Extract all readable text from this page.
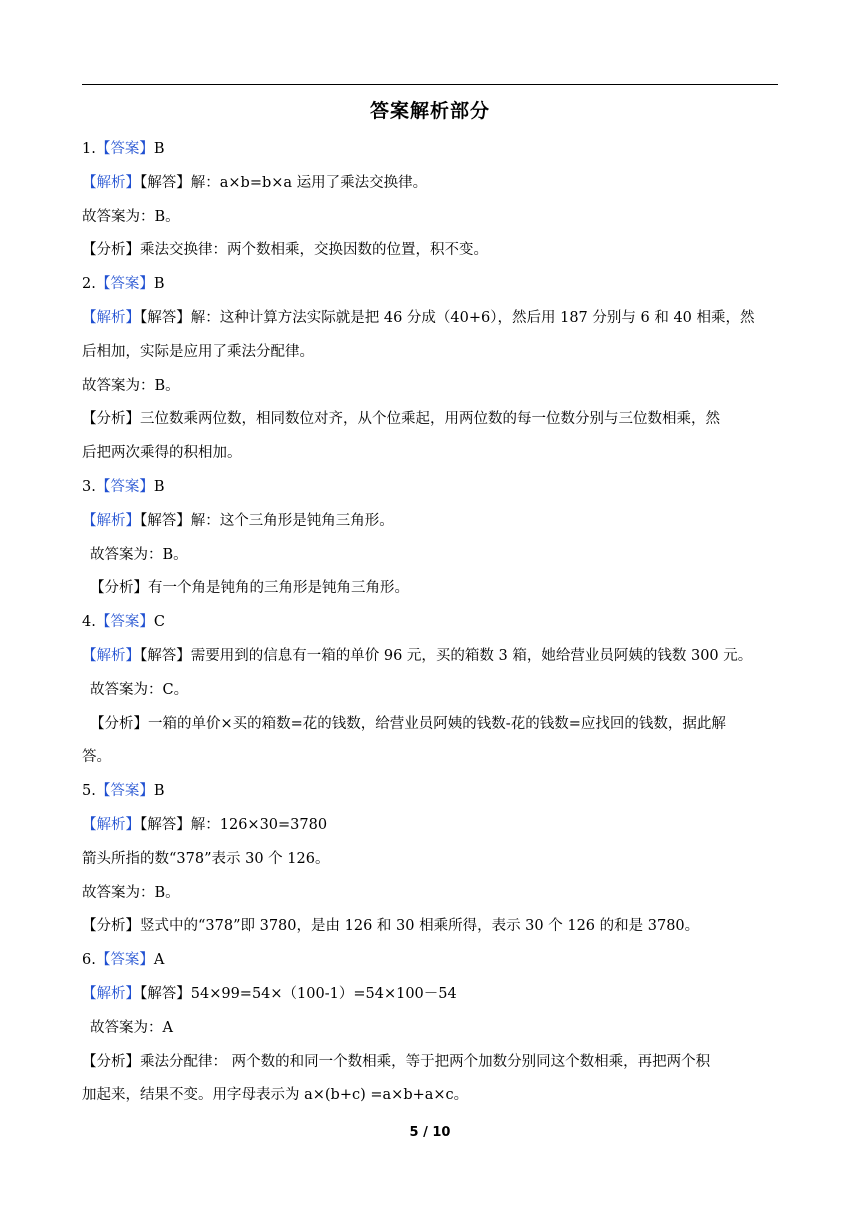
答案解析部分
1.【答案】B
【解析】【解答】解：a×b=b×a 运用了乘法交换律。
故答案为：B。
【分析】乘法交换律：两个数相乘，交换因数的位置，积不变。
2.【答案】B
【解析】【解答】解：这种计算方法实际就是把 46 分成（40+6），然后用 187 分别与 6 和 40 相乘，然
后相加，实际是应用了乘法分配律。
故答案为：B。
【分析】三位数乘两位数，相同数位对齐，从个位乘起，用两位数的每一位数分别与三位数相乘，然
后把两次乘得的积相加。
3.【答案】B
【解析】【解答】解：这个三角形是钝角三角形。
故答案为：B。
【分析】有一个角是钝角的三角形是钝角三角形。
4.【答案】C
【解析】【解答】需要用到的信息有一箱的单价 96 元，买的箱数 3 箱，她给营业员阿姨的钱数 300 元。
故答案为：C。
【分析】一箱的单价×买的箱数=花的钱数，给营业员阿姨的钱数-花的钱数=应找回的钱数，据此解
答。
5.【答案】B
【解析】【解答】解：126×30=3780
箭头所指的数“378”表示 30 个 126。
故答案为：B。
【分析】竖式中的“378”即 3780，是由 126 和 30 相乘所得，表示 30 个 126 的和是 3780。
6.【答案】A
【解析】【解答】54×99=54×（100-1）=54×100－54
故答案为：A
【分析】乘法分配律： 两个数的和同一个数相乘，等于把两个加数分别同这个数相乘，再把两个积
加起来，结果不变。用字母表示为 a×(b+c) =a×b+a×c。
5 / 10
